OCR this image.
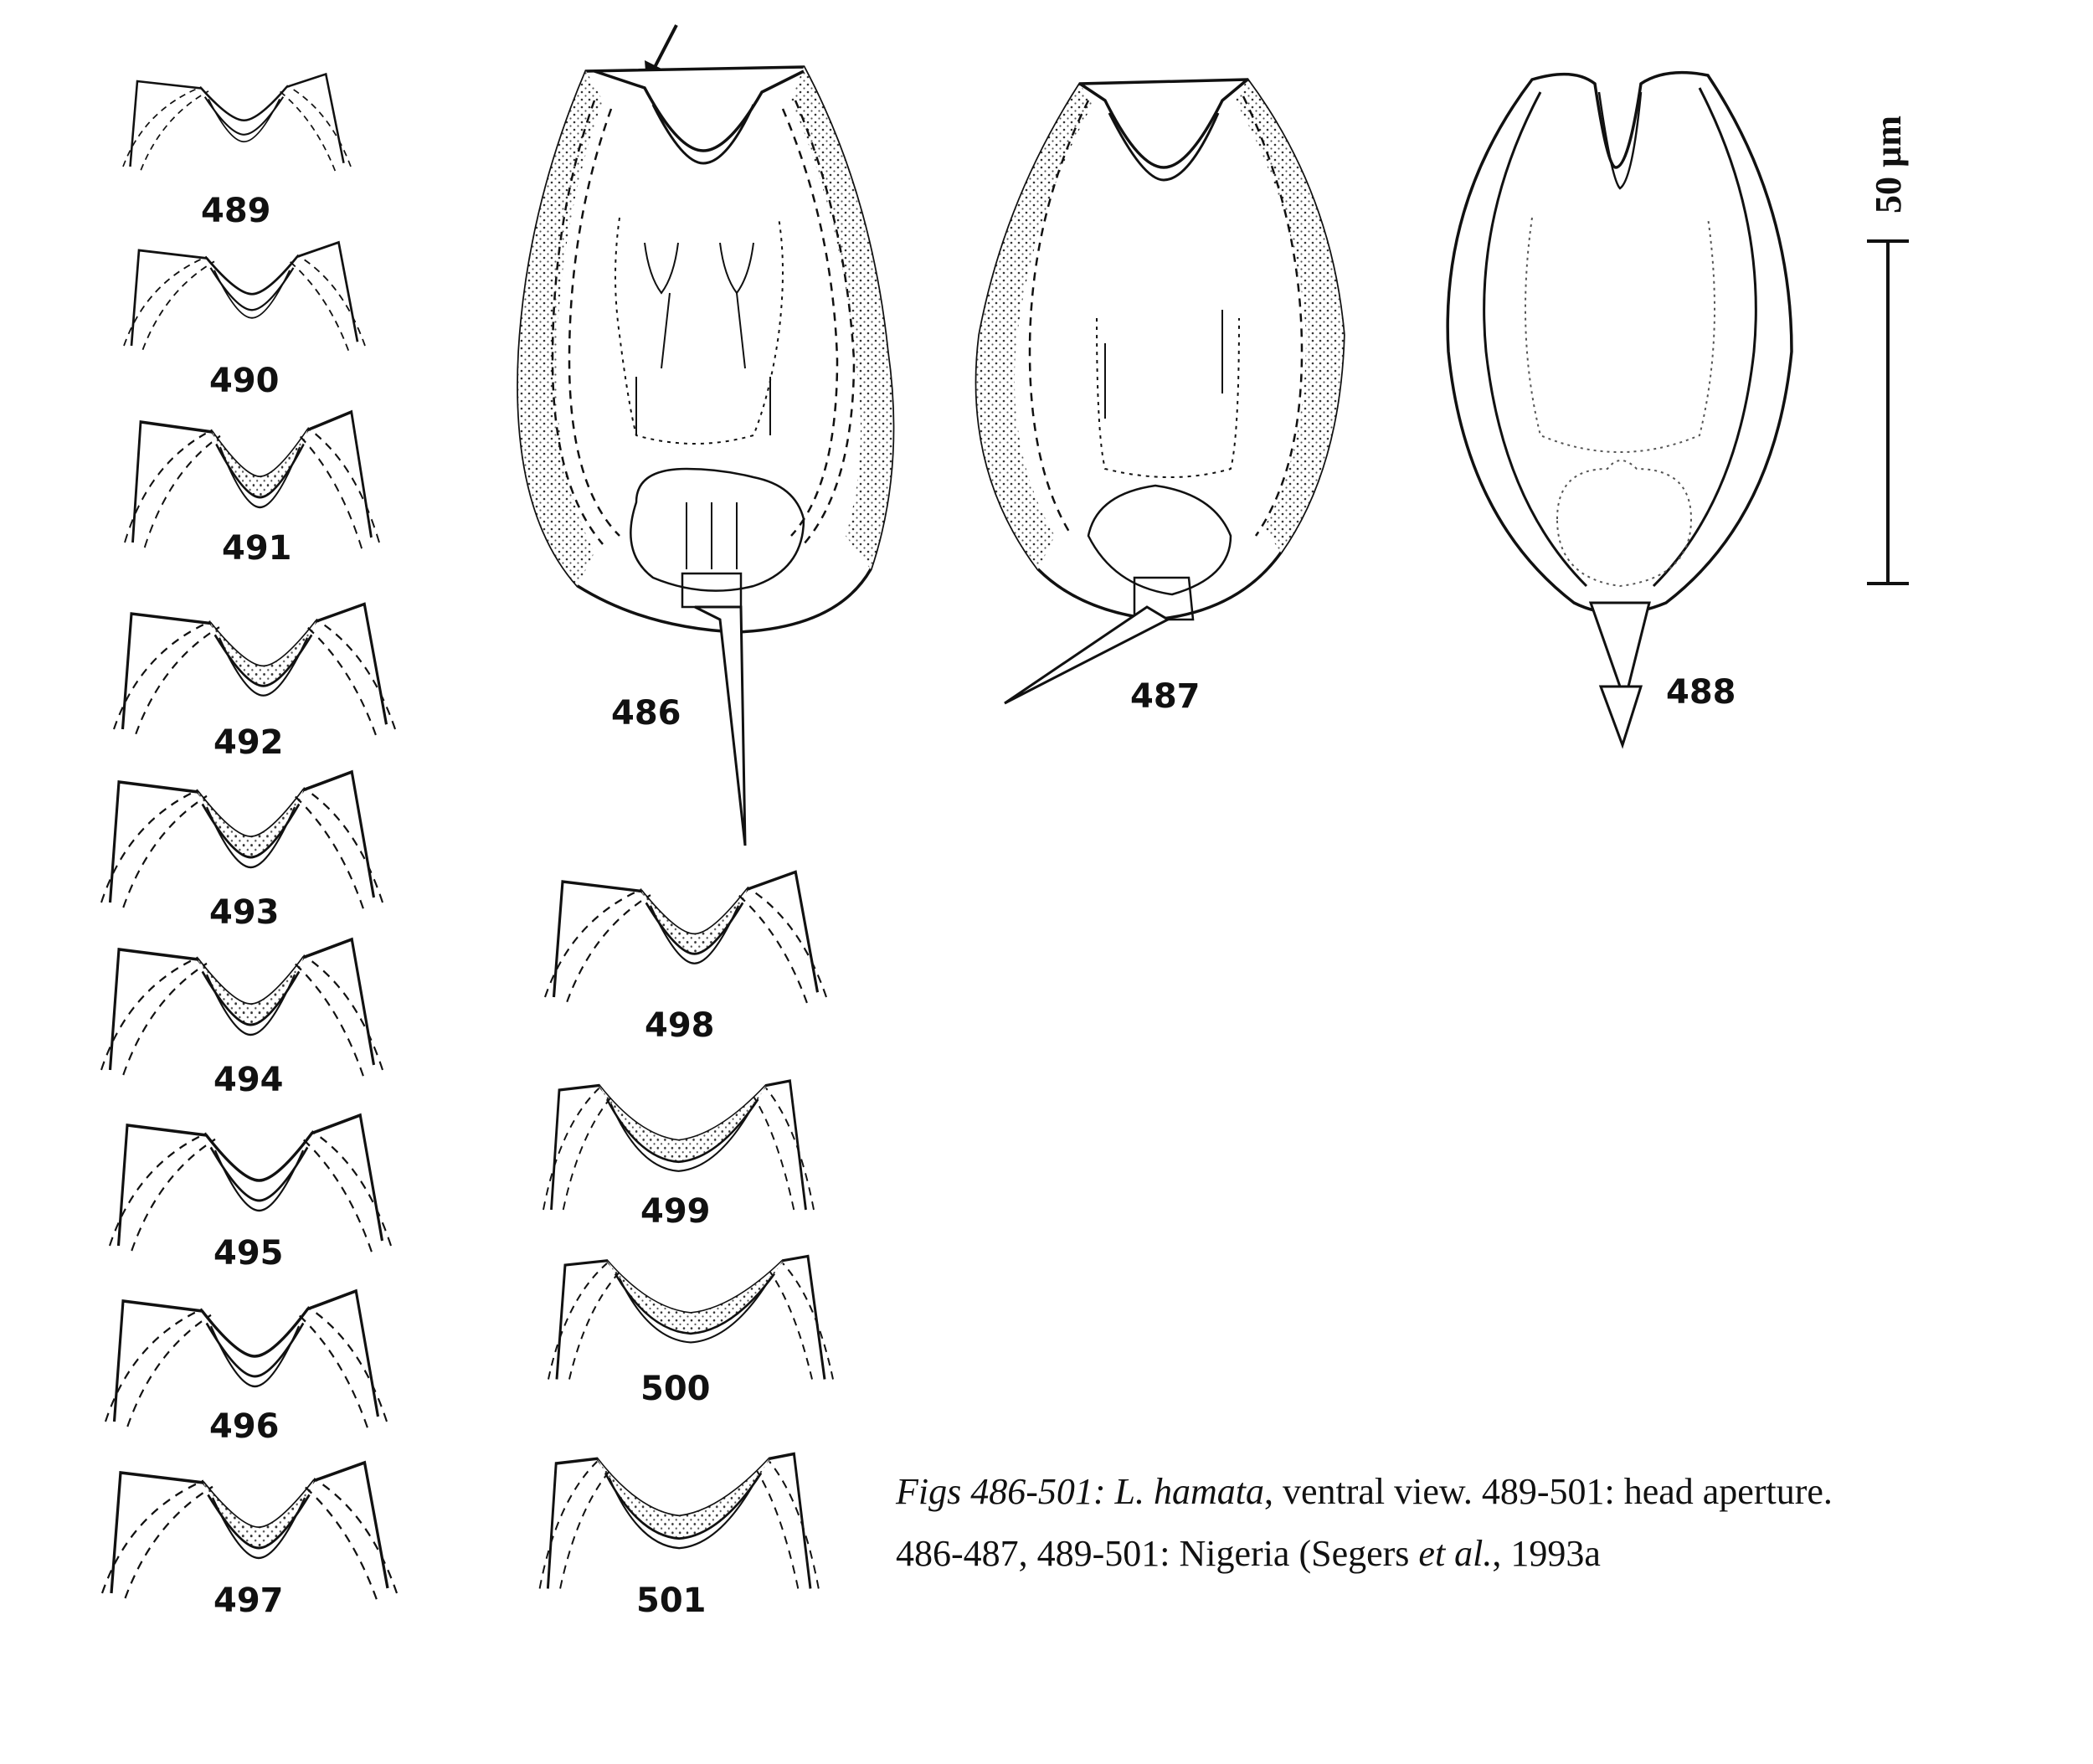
489
490
491
492
493
494
495
496
497
486	487	488
50 µm
498
499
500
501
Figs 486-501: L. hamata, ventral view. 489-501: head aperture.
486-487, 489-501: Nigeria (Segers et al., 1993a
